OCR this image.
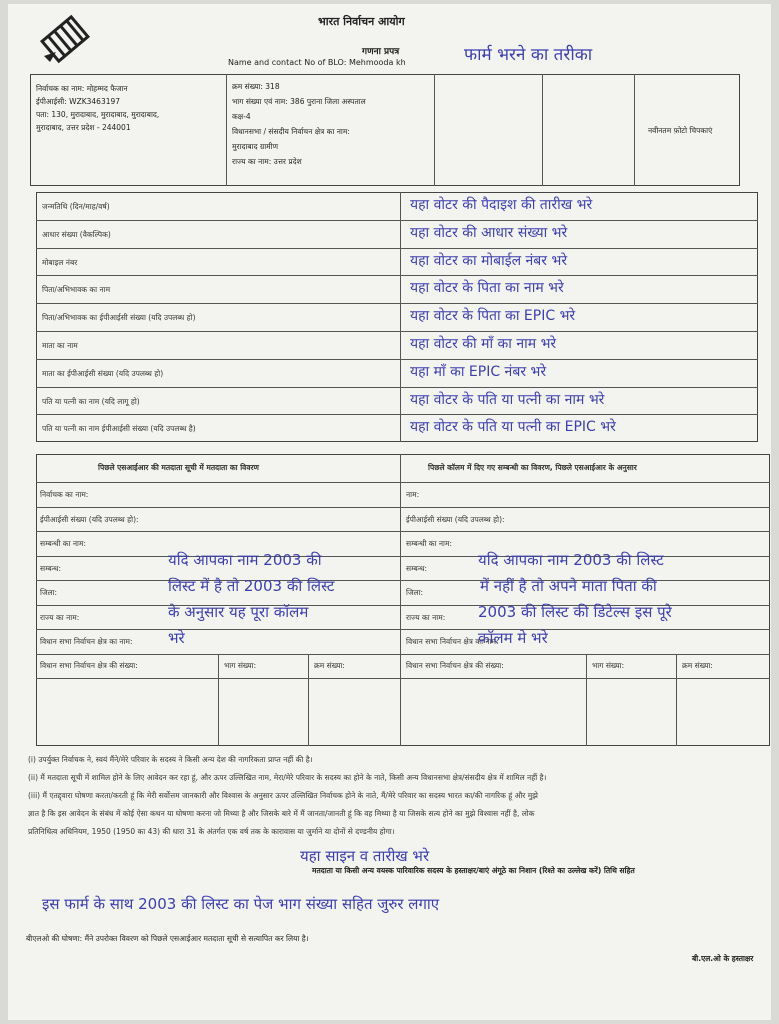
भारत निर्वाचन आयोग
गणना प्रपत्र
Name and contact No of BLO: Mehmooda kh	फार्म भरने का तरीका
नवीनतम फ़ोटो चिपकाएं
यहा साइन व तारीख भरे
मतदाता या किसी अन्य वयस्क पारिवारिक सदस्य के हस्ताक्षर/बाएं अंगूठे का निशान (रिश्ते का उल्लेख करें) तिथि सहित
इस फार्म के साथ 2003 की लिस्ट का पेज भाग संख्या सहित जुरुर लगाए
बीएलओ की घोषणा: मैंने उपरोक्त विवरण को पिछले एसआईआर मतदाता सूची से सत्यापित कर लिया है।
बी.एल.ओ के हस्ताक्षर
निर्वाचक का नाम: मोहम्मद फैजान
ईपीआईसी: WZK3463197
पता: 130, मुरादाबाद, मुरादाबाद, मुरादाबाद,
मुरादाबाद, उत्तर प्रदेश - 244001
क्रम संख्या: 318
भाग संख्या एवं नाम: 386 पुराना जिला अस्पताल
कक्ष-4
विधानसभा / संसदीय निर्वाचन क्षेत्र का नाम:
मुरादाबाद ग्रामीण
राज्य का नाम: उत्तर प्रदेश
जन्मतिथि (दिन/माह/वर्ष)	यहा वोटर की पैदाइश की तारीख भरे
आधार संख्या (वैकल्पिक)	यहा वोटर की आधार संख्या भरे
मोबाइल नंबर	यहा वोटर का मोबाईल नंबर भरे
पिता/अभिभावक का नाम	यहा वोटर के पिता का नाम भरे
पिता/अभिभावक का ईपीआईसी संख्या (यदि उपलब्ध हो)	यहा वोटर के पिता का EPIC भरे
माता का नाम	यहा वोटर की माँ का नाम भरे
माता का ईपीआईसी संख्या (यदि उपलब्ध हो)	यहा माँ का EPIC नंबर भरे
पति या पत्नी का नाम (यदि लागू हो)	यहा वोटर के पति या पत्नी का नाम भरे
पति या पत्नी का नाम ईपीआईसी संख्या (यदि उपलब्ध है)	यहा वोटर के पति या पत्नी का EPIC भरे
पिछले एसआईआर की मतदाता सूची में मतदाता का विवरण	पिछले कॉलम में दिए गए सम्बन्धी का विवरण, पिछले एसआईआर के अनुसार
निर्वाचक का नाम:	नाम:
ईपीआईसी संख्या (यदि उपलब्ध हो):	ईपीआईसी संख्या (यदि उपलब्ध हो):
सम्बन्धी का नाम:	सम्बन्धी का नाम:
सम्बन्ध:	सम्बन्ध:
जिला:	जिला:
राज्य का नाम:	राज्य का नाम:
विधान सभा निर्वाचन क्षेत्र का नाम:	विधान सभा निर्वाचन क्षेत्र का नाम:
विधान सभा निर्वाचन क्षेत्र की संख्या:	भाग संख्या:	क्रम संख्या:	विधान सभा निर्वाचन क्षेत्र की संख्या:	भाग संख्या:	क्रम संख्या:
यदि आपका नाम 2003 की
लिस्ट में है तो 2003 की लिस्ट
के अनुसार यह पूरा कॉलम
भरे
यदि आपका नाम 2003 की लिस्ट
में नहीं है तो अपने माता पिता की
2003 की लिस्ट की डिटेल्स इस पूरे
कॉलम मे भरे
(i) उपर्युक्त निर्वाचक ने, स्वयं मैंने/मेरे परिवार के सदस्य ने किसी अन्य देश की नागरिकता प्राप्त नहीं की है।
(ii) मैं मतदाता सूची में शामिल होने के लिए आवेदन कर रहा हूं, और ऊपर उल्लिखित नाम, मेरा/मेरे परिवार के सदस्य का होने के नाते, किसी अन्य विधानसभा क्षेत्र/संसदीय क्षेत्र में शामिल नहीं है।
(iii) मैं एतद्द्वारा घोषणा करता/करती हूं कि मेरी सर्वोत्तम जानकारी और विश्वास के अनुसार ऊपर उल्लिखित निर्वाचक होने के नाते, मैं/मेरे परिवार का सदस्य भारत का/की नागरिक हूं और मुझे
ज्ञात है कि इस आवेदन के संबंध में कोई ऐसा कथन या घोषणा करना जो मिथ्या है और जिसके बारे में मैं जानता/जानती हूं कि वह मिथ्या है या जिसके सत्य होने का मुझे विश्वास नहीं है, लोक
प्रतिनिधित्व अधिनियम, 1950 (1950 का 43) की धारा 31 के अंतर्गत एक वर्ष तक के कारावास या जुर्माने या दोनों से दण्डनीय होगा।
